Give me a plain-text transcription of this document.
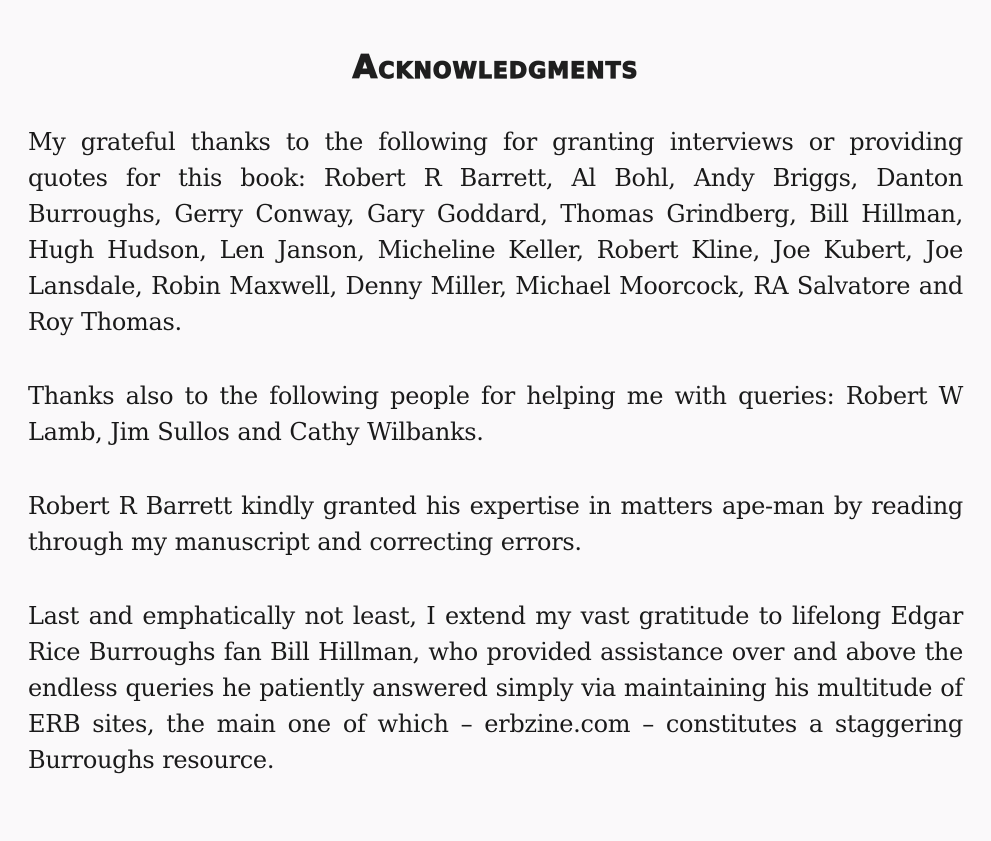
Acknowledgments

My grateful thanks to the following for granting interviews or providing quotes for this book: Robert R Barrett, Al Bohl, Andy Briggs, Danton Burroughs, Gerry Conway, Gary Goddard, Thomas Grindberg, Bill Hillman, Hugh Hudson, Len Janson, Micheline Keller, Robert Kline, Joe Kubert, Joe Lansdale, Robin Maxwell, Denny Miller, Michael Moorcock, RA Salvatore and Roy Thomas.

Thanks also to the following people for helping me with queries: Robert W Lamb, Jim Sullos and Cathy Wilbanks.

Robert R Barrett kindly granted his expertise in matters ape-man by reading through my manuscript and correcting errors.

Last and emphatically not least, I extend my vast gratitude to lifelong Edgar Rice Burroughs fan Bill Hillman, who provided assistance over and above the endless queries he patiently answered simply via maintaining his multitude of ERB sites, the main one of which – erbzine.com – constitutes a staggering Burroughs resource.
